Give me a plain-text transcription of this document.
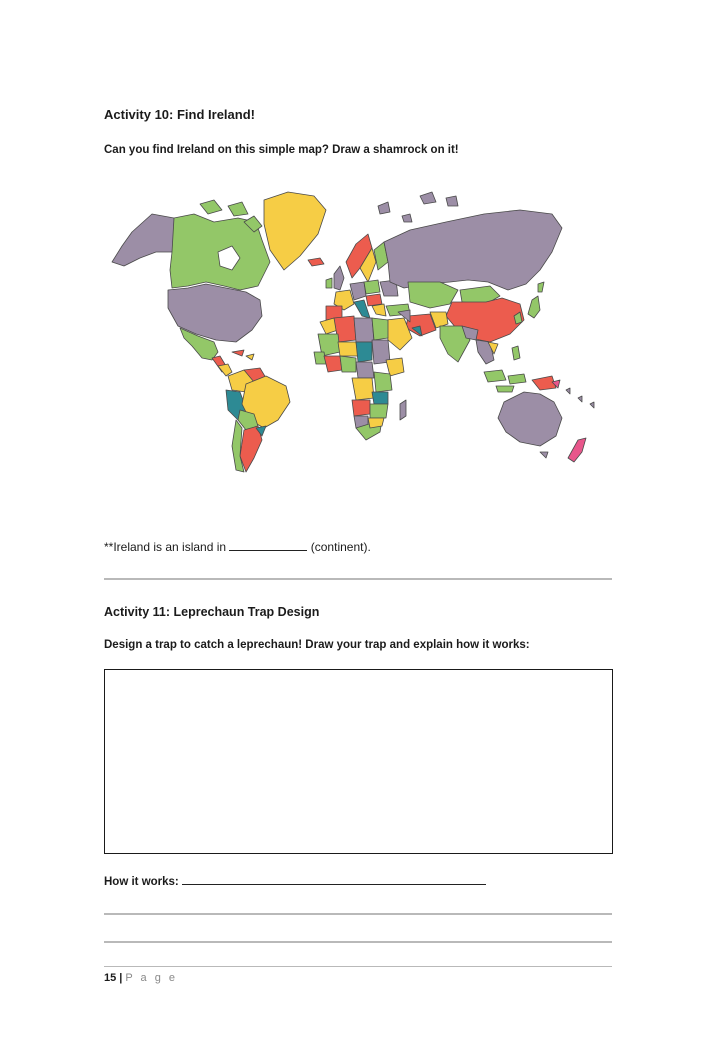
Activity 10: Find Ireland!
Can you find Ireland on this simple map? Draw a shamrock on it!
**Ireland is an island in	(continent).
Activity 11: Leprechaun Trap Design
Design a trap to catch a leprechaun! Draw your trap and explain how it works:
How it works:
15 | P a g e
